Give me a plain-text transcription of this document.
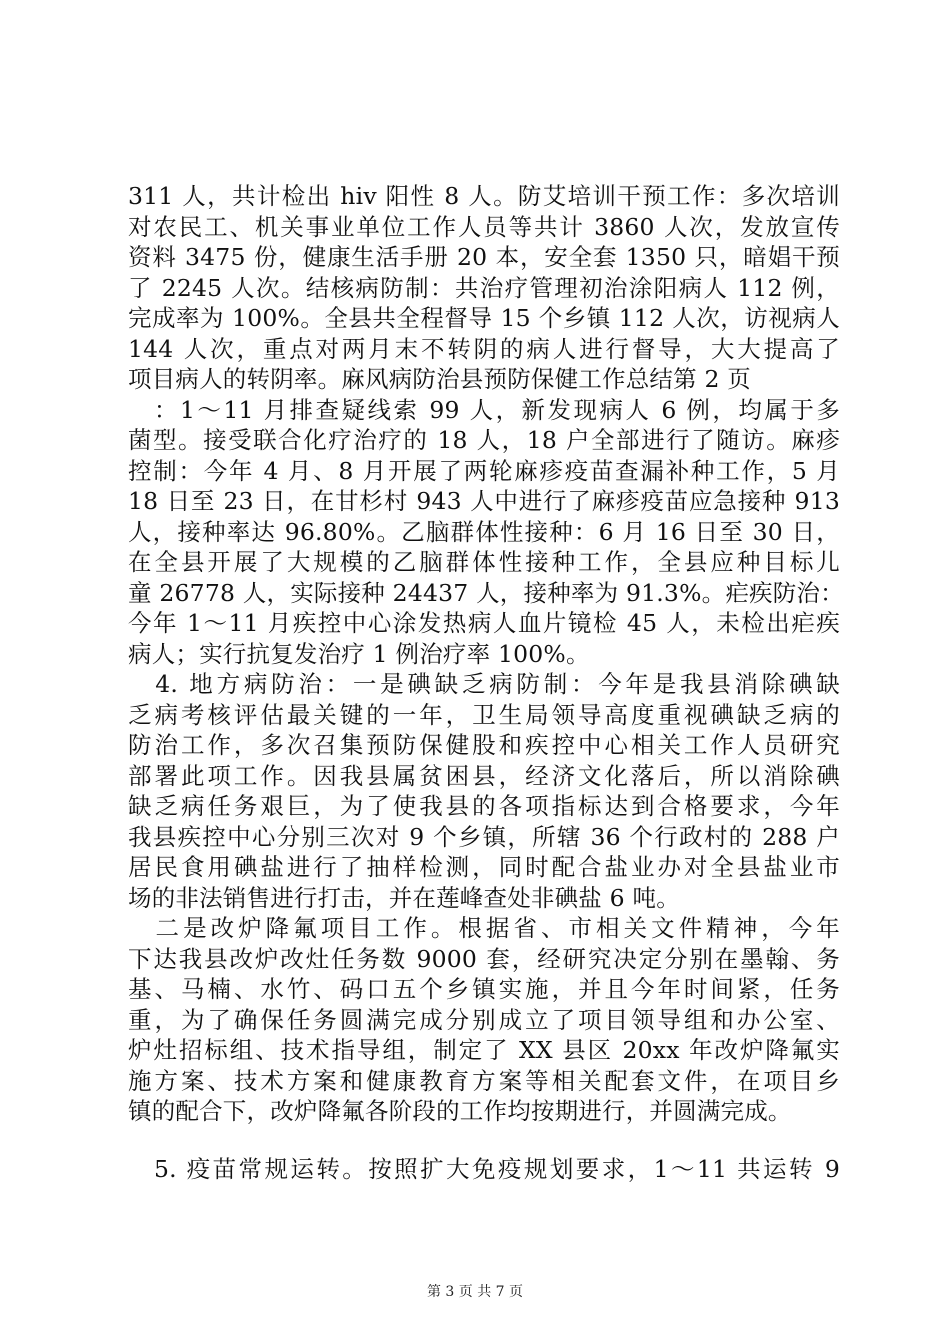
311 人，共计检出 hiv 阳性 8 人。防艾培训干预工作：多次培训
对农民工、机关事业单位工作人员等共计 3860 人次，发放宣传
资料 3475 份，健康生活手册 20 本，安全套 1350 只，暗娼干预
了 2245 人次。结核病防制：共治疗管理初治涂阳病人 112 例，
完成率为 100%。全县共全程督导 15 个乡镇 112 人次，访视病人
144 人次，重点对两月末不转阴的病人进行督导，大大提高了
项目病人的转阴率。麻风病防治县预防保健工作总结第 2 页
　：1～11 月排查疑线索 99 人，新发现病人 6 例，均属于多
菌型。接受联合化疗治疗的 18 人，18 户全部进行了随访。麻疹
控制：今年 4 月、8 月开展了两轮麻疹疫苗查漏补种工作，5 月
18 日至 23 日，在甘杉村 943 人中进行了麻疹疫苗应急接种 913
人，接种率达 96.80%。乙脑群体性接种：6 月 16 日至 30 日，
在全县开展了大规模的乙脑群体性接种工作，全县应种目标儿
童 26778 人，实际接种 24437 人，接种率为 91.3%。疟疾防治：
今年 1～11 月疾控中心涂发热病人血片镜检 45 人，未检出疟疾
病人；实行抗复发治疗 1 例治疗率 100%。
　4. 地方病防治：一是碘缺乏病防制：今年是我县消除碘缺
乏病考核评估最关键的一年，卫生局领导高度重视碘缺乏病的
防治工作，多次召集预防保健股和疾控中心相关工作人员研究
部署此项工作。因我县属贫困县，经济文化落后，所以消除碘
缺乏病任务艰巨，为了使我县的各项指标达到合格要求，今年
我县疾控中心分别三次对 9 个乡镇，所辖 36 个行政村的 288 户
居民食用碘盐进行了抽样检测，同时配合盐业办对全县盐业市
场的非法销售进行打击，并在莲峰查处非碘盐 6 吨。
　二是改炉降氟项目工作。根据省、市相关文件精神，今年
下达我县改炉改灶任务数 9000 套，经研究决定分别在墨翰、务
基、马楠、水竹、码口五个乡镇实施，并且今年时间紧，任务
重，为了确保任务圆满完成分别成立了项目领导组和办公室、
炉灶招标组、技术指导组，制定了 XX 县区 20xx 年改炉降氟实
施方案、技术方案和健康教育方案等相关配套文件，在项目乡
镇的配合下，改炉降氟各阶段的工作均按期进行，并圆满完成。
　5. 疫苗常规运转。按照扩大免疫规划要求，1～11 共运转 9
第 3 页 共 7 页
